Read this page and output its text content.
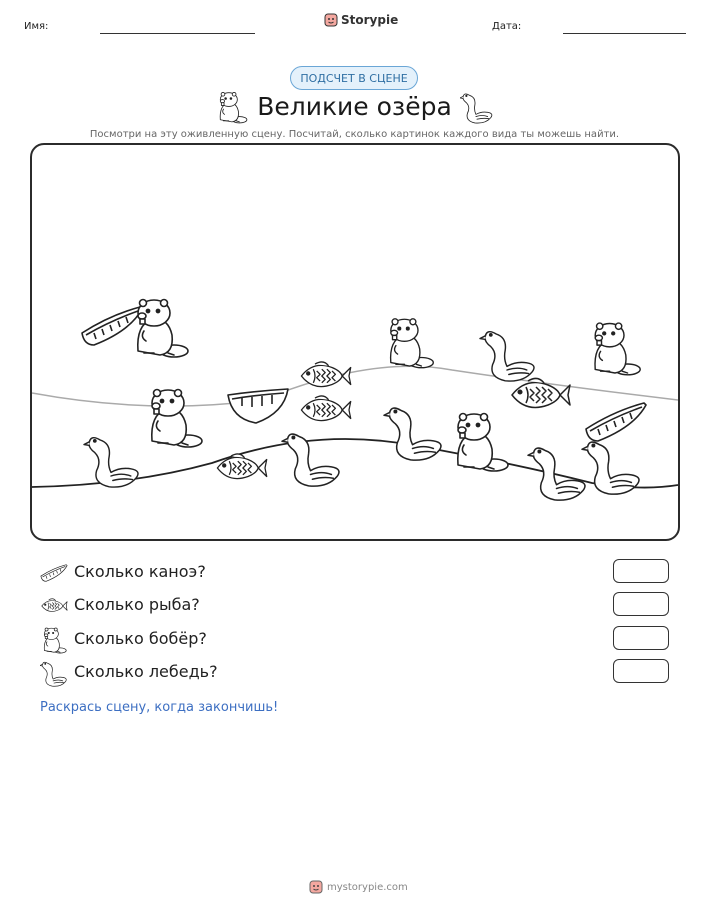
Имя:	Storypie	Дата:
ПОДСЧЕТ В СЦЕНЕ
Великие озёра
Посмотри на эту оживленную сцену. Посчитай, сколько картинок каждого вида ты можешь найти.
Сколько каноэ?
Сколько рыба?
Сколько бобёр?
Сколько лебедь?
Раскрась сцену, когда закончишь!
mystorypie.com
